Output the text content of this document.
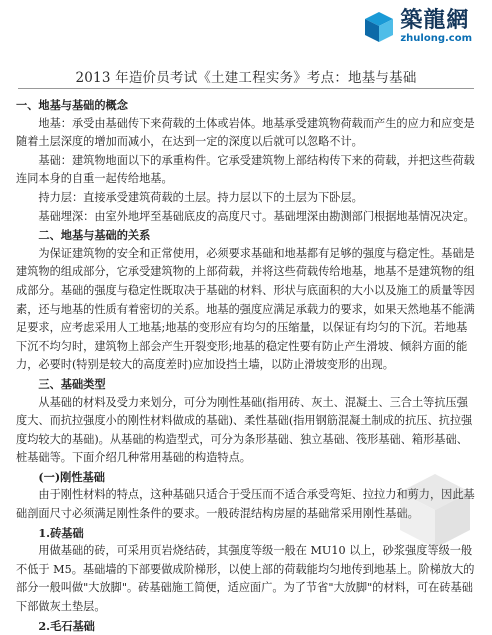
築龍網
zhulong.com
2013 年造价员考试《土建工程实务》考点：地基与基础

一、地基与基础的概念

地基：承受由基础传下来荷载的土体或岩体。地基承受建筑物荷载而产生的应力和应变是随着土层深度的增加而减小，在达到一定的深度以后就可以忽略不计。

基础：建筑物地面以下的承重构件。它承受建筑物上部结构传下来的荷载，并把这些荷载连同本身的自重一起传给地基。

持力层：直接承受建筑荷载的土层。持力层以下的土层为下卧层。

基础埋深：由室外地坪至基础底皮的高度尺寸。基础埋深由勘测部门根据地基情况决定。

二、地基与基础的关系

为保证建筑物的安全和正常使用，必须要求基础和地基都有足够的强度与稳定性。基础是建筑物的组成部分，它承受建筑物的上部荷载，并将这些荷载传给地基，地基不是建筑物的组成部分。基础的强度与稳定性既取决于基础的材料、形状与底面积的大小以及施工的质量等因素，还与地基的性质有着密切的关系。地基的强度应满足承载力的要求，如果天然地基不能满足要求，应考虑采用人工地基;地基的变形应有均匀的压缩量，以保证有均匀的下沉。若地基下沉不均匀时，建筑物上部会产生开裂变形;地基的稳定性要有防止产生滑坡、倾斜方面的能力，必要时(特别是较大的高度差时)应加设挡土墙，以防止滑坡变形的出现。

三、基础类型

从基础的材料及受力来划分，可分为刚性基础(指用砖、灰土、混凝土、三合土等抗压强度大、而抗拉强度小的刚性材料做成的基础)、柔性基础(指用钢筋混凝土制成的抗压、抗拉强度均较大的基础)。从基础的构造型式，可分为条形基础、独立基础、筏形基础、箱形基础、桩基础等。下面介绍几种常用基础的构造特点。

(一)刚性基础

由于刚性材料的特点，这种基础只适合于受压而不适合承受弯矩、拉拉力和剪力，因此基础剖面尺寸必须满足刚性条件的要求。一般砖混结构房屋的基础常采用刚性基础。

1.砖基础

用做基础的砖，可采用页岩烧结砖，其强度等级一般在 MU10 以上，砂浆强度等级一般不低于 M5。基础墙的下部要做成阶梯形，以使上部的荷载能均匀地传到地基上。阶梯放大的部分一般叫做"大放脚"。砖基础施工简便，适应面广。为了节省"大放脚"的材料，可在砖基础下部做灰土垫层。

2.毛石基础
